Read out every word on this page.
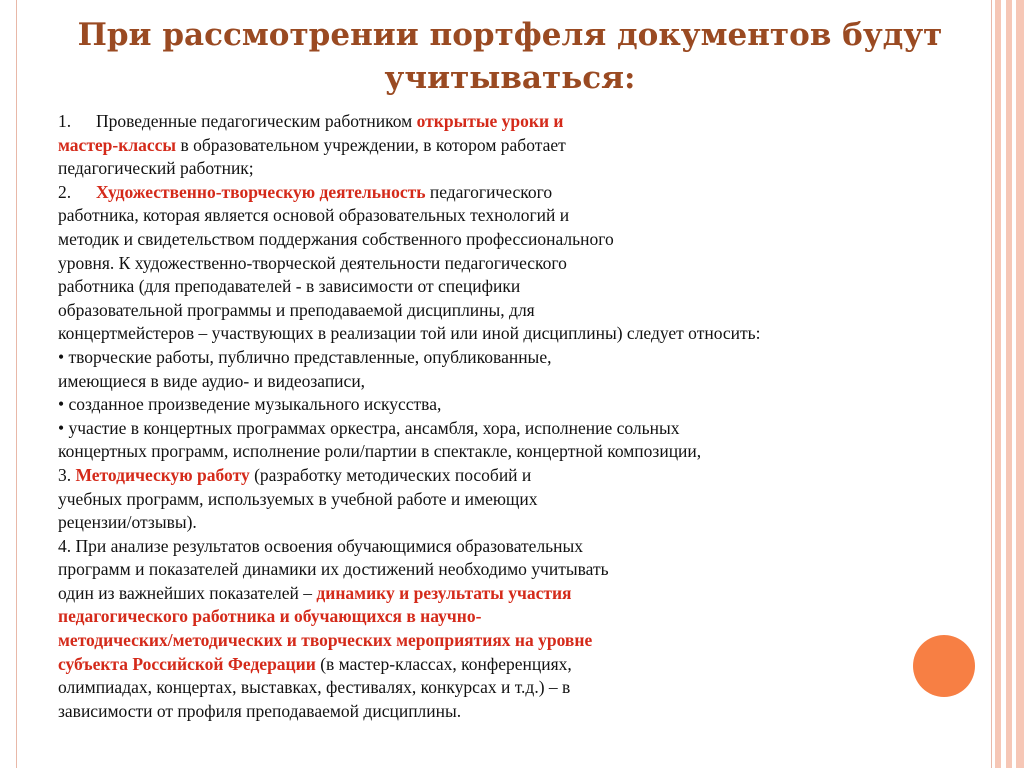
При рассмотрении портфеля документов будут учитываться:
1. Проведенные педагогическим работником открытые уроки и
мастер-классы в образовательном учреждении, в котором работает
педагогический работник;
2. Художественно-творческую деятельность педагогического
работника, которая является основой образовательных технологий и
методик и свидетельством поддержания собственного профессионального
уровня. К художественно-творческой деятельности педагогического
работника (для преподавателей - в зависимости от специфики
образовательной программы и преподаваемой дисциплины, для
концертмейстеров – участвующих в реализации той или иной дисциплины) следует относить:
• творческие работы, публично представленные, опубликованные,
имеющиеся в виде аудио- и видеозаписи,
• созданное произведение музыкального искусства,
• участие в концертных программах оркестра, ансамбля, хора, исполнение сольных
концертных программ, исполнение роли/партии в спектакле, концертной композиции,
3. Методическую работу (разработку методических пособий и
учебных программ, используемых в учебной работе и имеющих
рецензии/отзывы).
4. При анализе результатов освоения обучающимися образовательных
программ и показателей динамики их достижений необходимо учитывать
один из важнейших показателей – динамику и результаты участия
педагогического работника и обучающихся в научно-
методических/методических и творческих мероприятиях на уровне
субъекта Российской Федерации (в мастер-классах, конференциях,
олимпиадах, концертах, выставках, фестивалях, конкурсах и т.д.) – в
зависимости от профиля преподаваемой дисциплины.
